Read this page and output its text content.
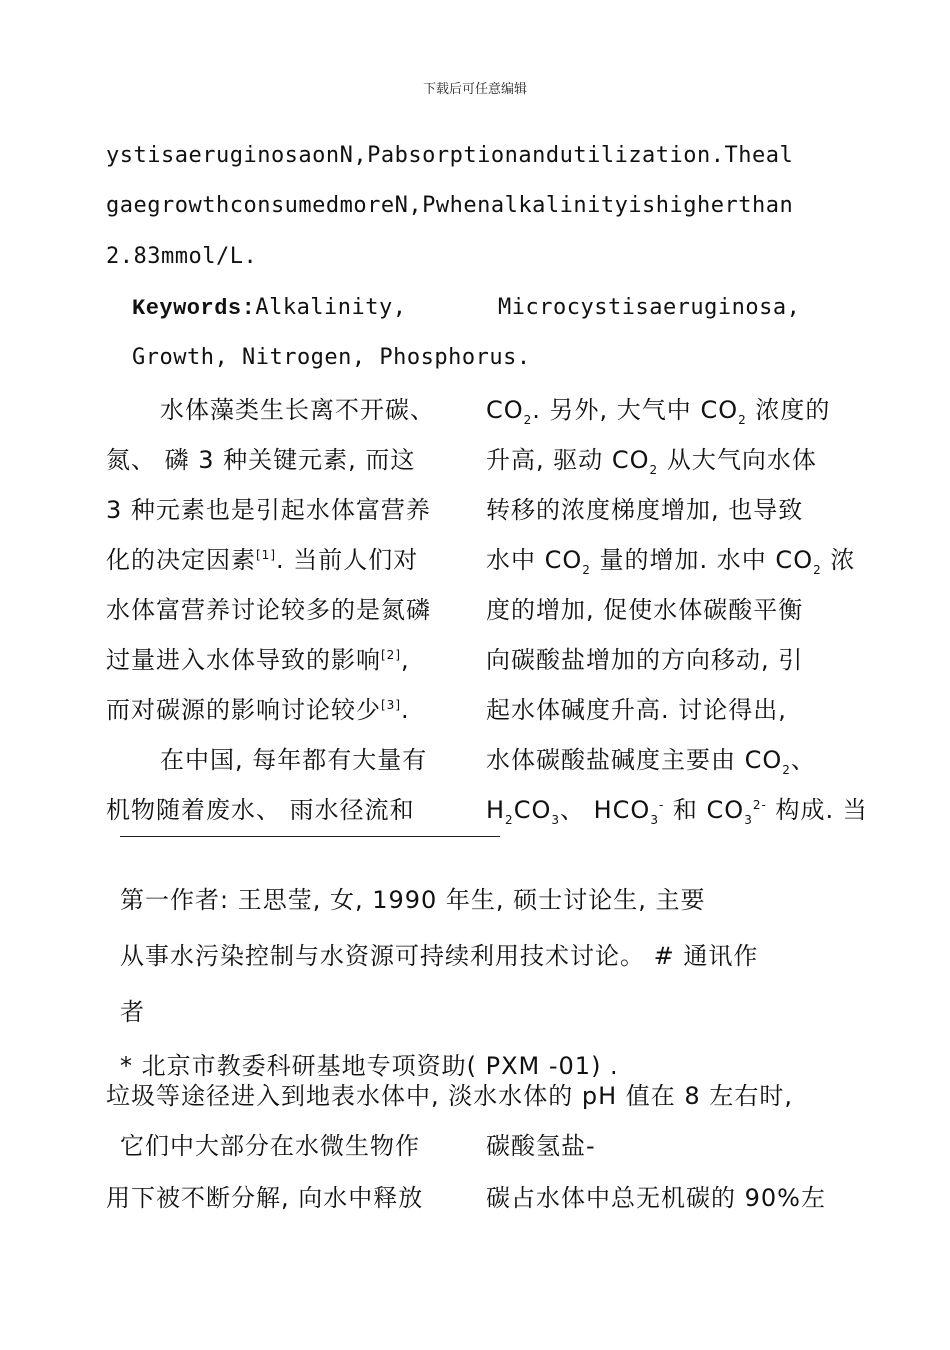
下载后可任意编辑
ystisaeruginosaonN,Pabsorptionandutilization.Theal
gaegrowthconsumedmoreN,Pwhenalkalinityishigherthan
2.83mmol/L.
Keywords:Alkalinity,	Microcystisaeruginosa,
Growth, Nitrogen, Phosphorus.
水体藻类生长离不开碳、
氮、 磷 3 种关键元素, 而这
3 种元素也是引起水体富营养
化的决定因素[1]. 当前人们对
水体富营养讨论较多的是氮磷
过量进入水体导致的影响[2],
而对碳源的影响讨论较少[3].
在中国, 每年都有大量有
机物随着废水、 雨水径流和
$CO_2$. 另外, 大气中 $CO_2$ 浓度的
升高, 驱动 $CO_2$ 从大气向水体
转移的浓度梯度增加, 也导致
水中 $CO_2$ 量的增加. 水中 $CO_2$ 浓
度的增加, 促使水体碳酸平衡
向碳酸盐增加的方向移动, 引
起水体碱度升高. 讨论得出,
水体碳酸盐碱度主要由 $CO_2$、
$H_2CO_3$、 $HCO_3^-$ 和 $CO_3^{2-}$ 构成. 当
第一作者: 王思莹, 女, 1990 年生, 硕士讨论生, 主要
从事水污染控制与水资源可持续利用技术讨论。 # 通讯作
者
* 北京市教委科研基地专项资助( PXM -01) .
垃圾等途径进入到地表水体中, 淡水水体的 pH 值在 8 左右时,
它们中大部分在水微生物作	碳酸氢盐-
用下被不断分解, 向水中释放	碳占水体中总无机碳的 90%左
